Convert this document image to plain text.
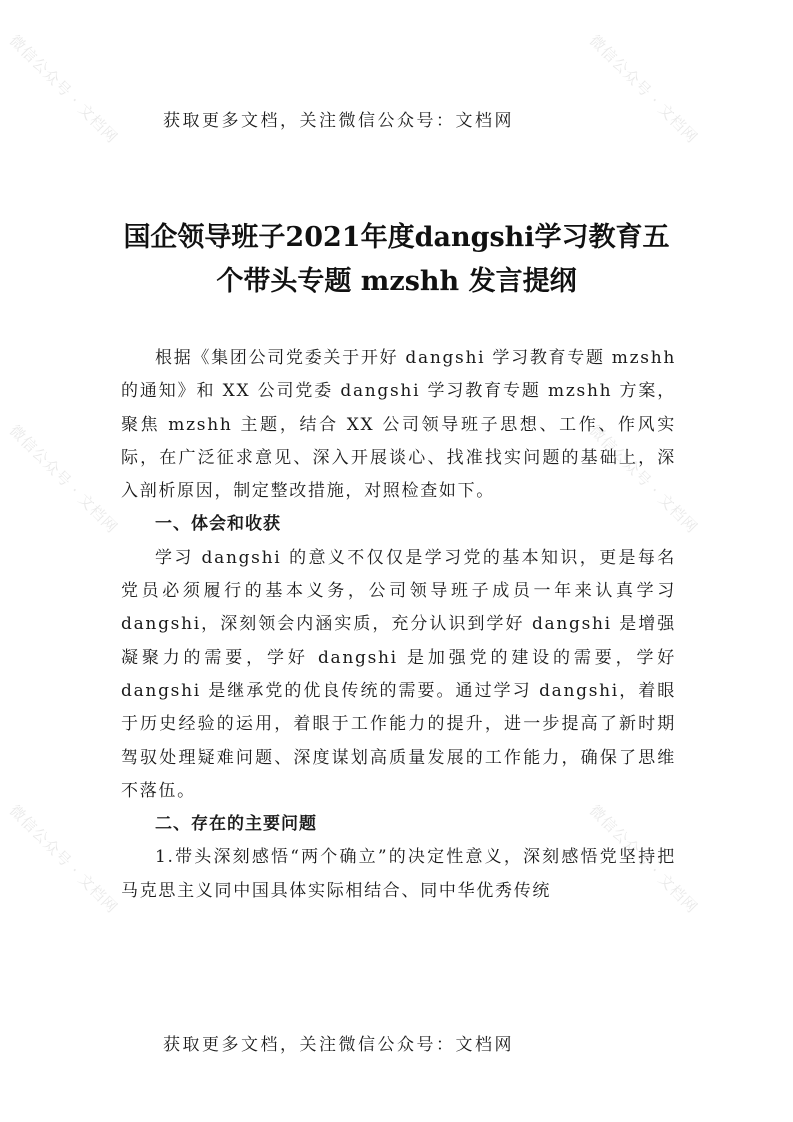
微信公众号 · 文档网	微信公众号 · 文档网
微信公众号 · 文档网	微信公众号 · 文档网
微信公众号 · 文档网	微信公众号 · 文档网
获取更多文档，关注微信公众号：文档网
国企领导班子2021年度dangshi学习教育五
个带头专题 mzshh 发言提纲

根据《集团公司党委关于开好 dangshi 学习教育专题 mzshh 的通知》和 XX 公司党委 dangshi 学习教育专题 mzshh 方案，聚焦 mzshh 主题，结合 XX 公司领导班子思想、工作、作风实际，在广泛征求意见、深入开展谈心、找准找实问题的基础上，深入剖析原因，制定整改措施，对照检查如下。

一、体会和收获

学习 dangshi 的意义不仅仅是学习党的基本知识，更是每名党员必须履行的基本义务，公司领导班子成员一年来认真学习 dangshi，深刻领会内涵实质，充分认识到学好 dangshi 是增强凝聚力的需要，学好 dangshi 是加强党的建设的需要，学好 dangshi 是继承党的优良传统的需要。通过学习 dangshi，着眼于历史经验的运用，着眼于工作能力的提升，进一步提高了新时期驾驭处理疑难问题、深度谋划高质量发展的工作能力，确保了思维不落伍。

二、存在的主要问题

1.带头深刻感悟“两个确立”的决定性意义，深刻感悟党坚持把马克思主义同中国具体实际相结合、同中华优秀传统

获取更多文档，关注微信公众号：文档网
